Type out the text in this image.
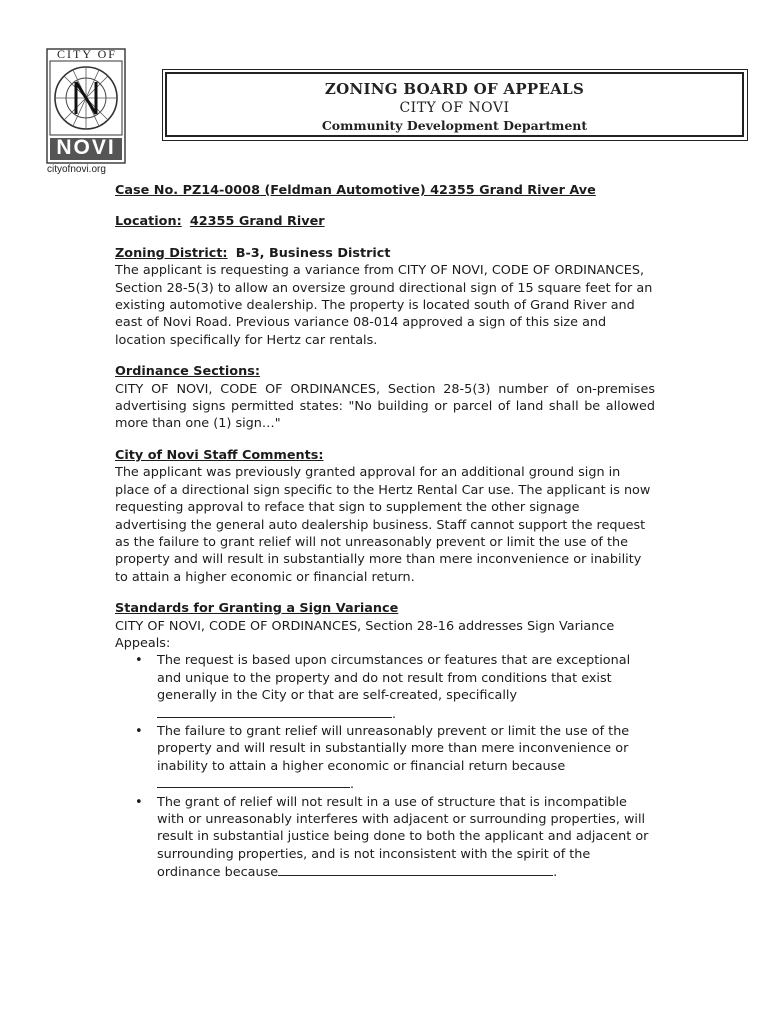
CITY OF
NOVI
cityofnovi.org
ZONING BOARD OF APPEALS
CITY OF NOVI
Community Development Department

Case No. PZ14-0008 (Feldman Automotive) 42355 Grand River Ave

Location: 42355 Grand River

Zoning District: B-3, Business District

The applicant is requesting a variance from CITY OF NOVI, CODE OF ORDINANCES, Section 28-5(3) to allow an oversize ground directional sign of 15 square feet for an existing automotive dealership. The property is located south of Grand River and east of Novi Road. Previous variance 08-014 approved a sign of this size and location specifically for Hertz car rentals.

Ordinance Sections:

CITY OF NOVI, CODE OF ORDINANCES, Section 28-5(3) number of on-premises advertising signs permitted states: "No building or parcel of land shall be allowed more than one (1) sign…"

City of Novi Staff Comments:

The applicant was previously granted approval for an additional ground sign in place of a directional sign specific to the Hertz Rental Car use. The applicant is now requesting approval to reface that sign to supplement the other signage advertising the general auto dealership business. Staff cannot support the request as the failure to grant relief will not unreasonably prevent or limit the use of the property and will result in substantially more than mere inconvenience or inability to attain a higher economic or financial return.

Standards for Granting a Sign Variance

CITY OF NOVI, CODE OF ORDINANCES, Section 28-16 addresses Sign Variance Appeals:

• The request is based upon circumstances or features that are exceptional and unique to the property and do not result from conditions that exist generally in the City or that are self-created, specifically.
• The failure to grant relief will unreasonably prevent or limit the use of the property and will result in substantially more than mere inconvenience or inability to attain a higher economic or financial return because
.
• The grant of relief will not result in a use of structure that is incompatible with or unreasonably interferes with adjacent or surrounding properties, will result in substantial justice being done to both the applicant and adjacent or surrounding properties, and is not inconsistent with the spirit of the ordinance because	.
